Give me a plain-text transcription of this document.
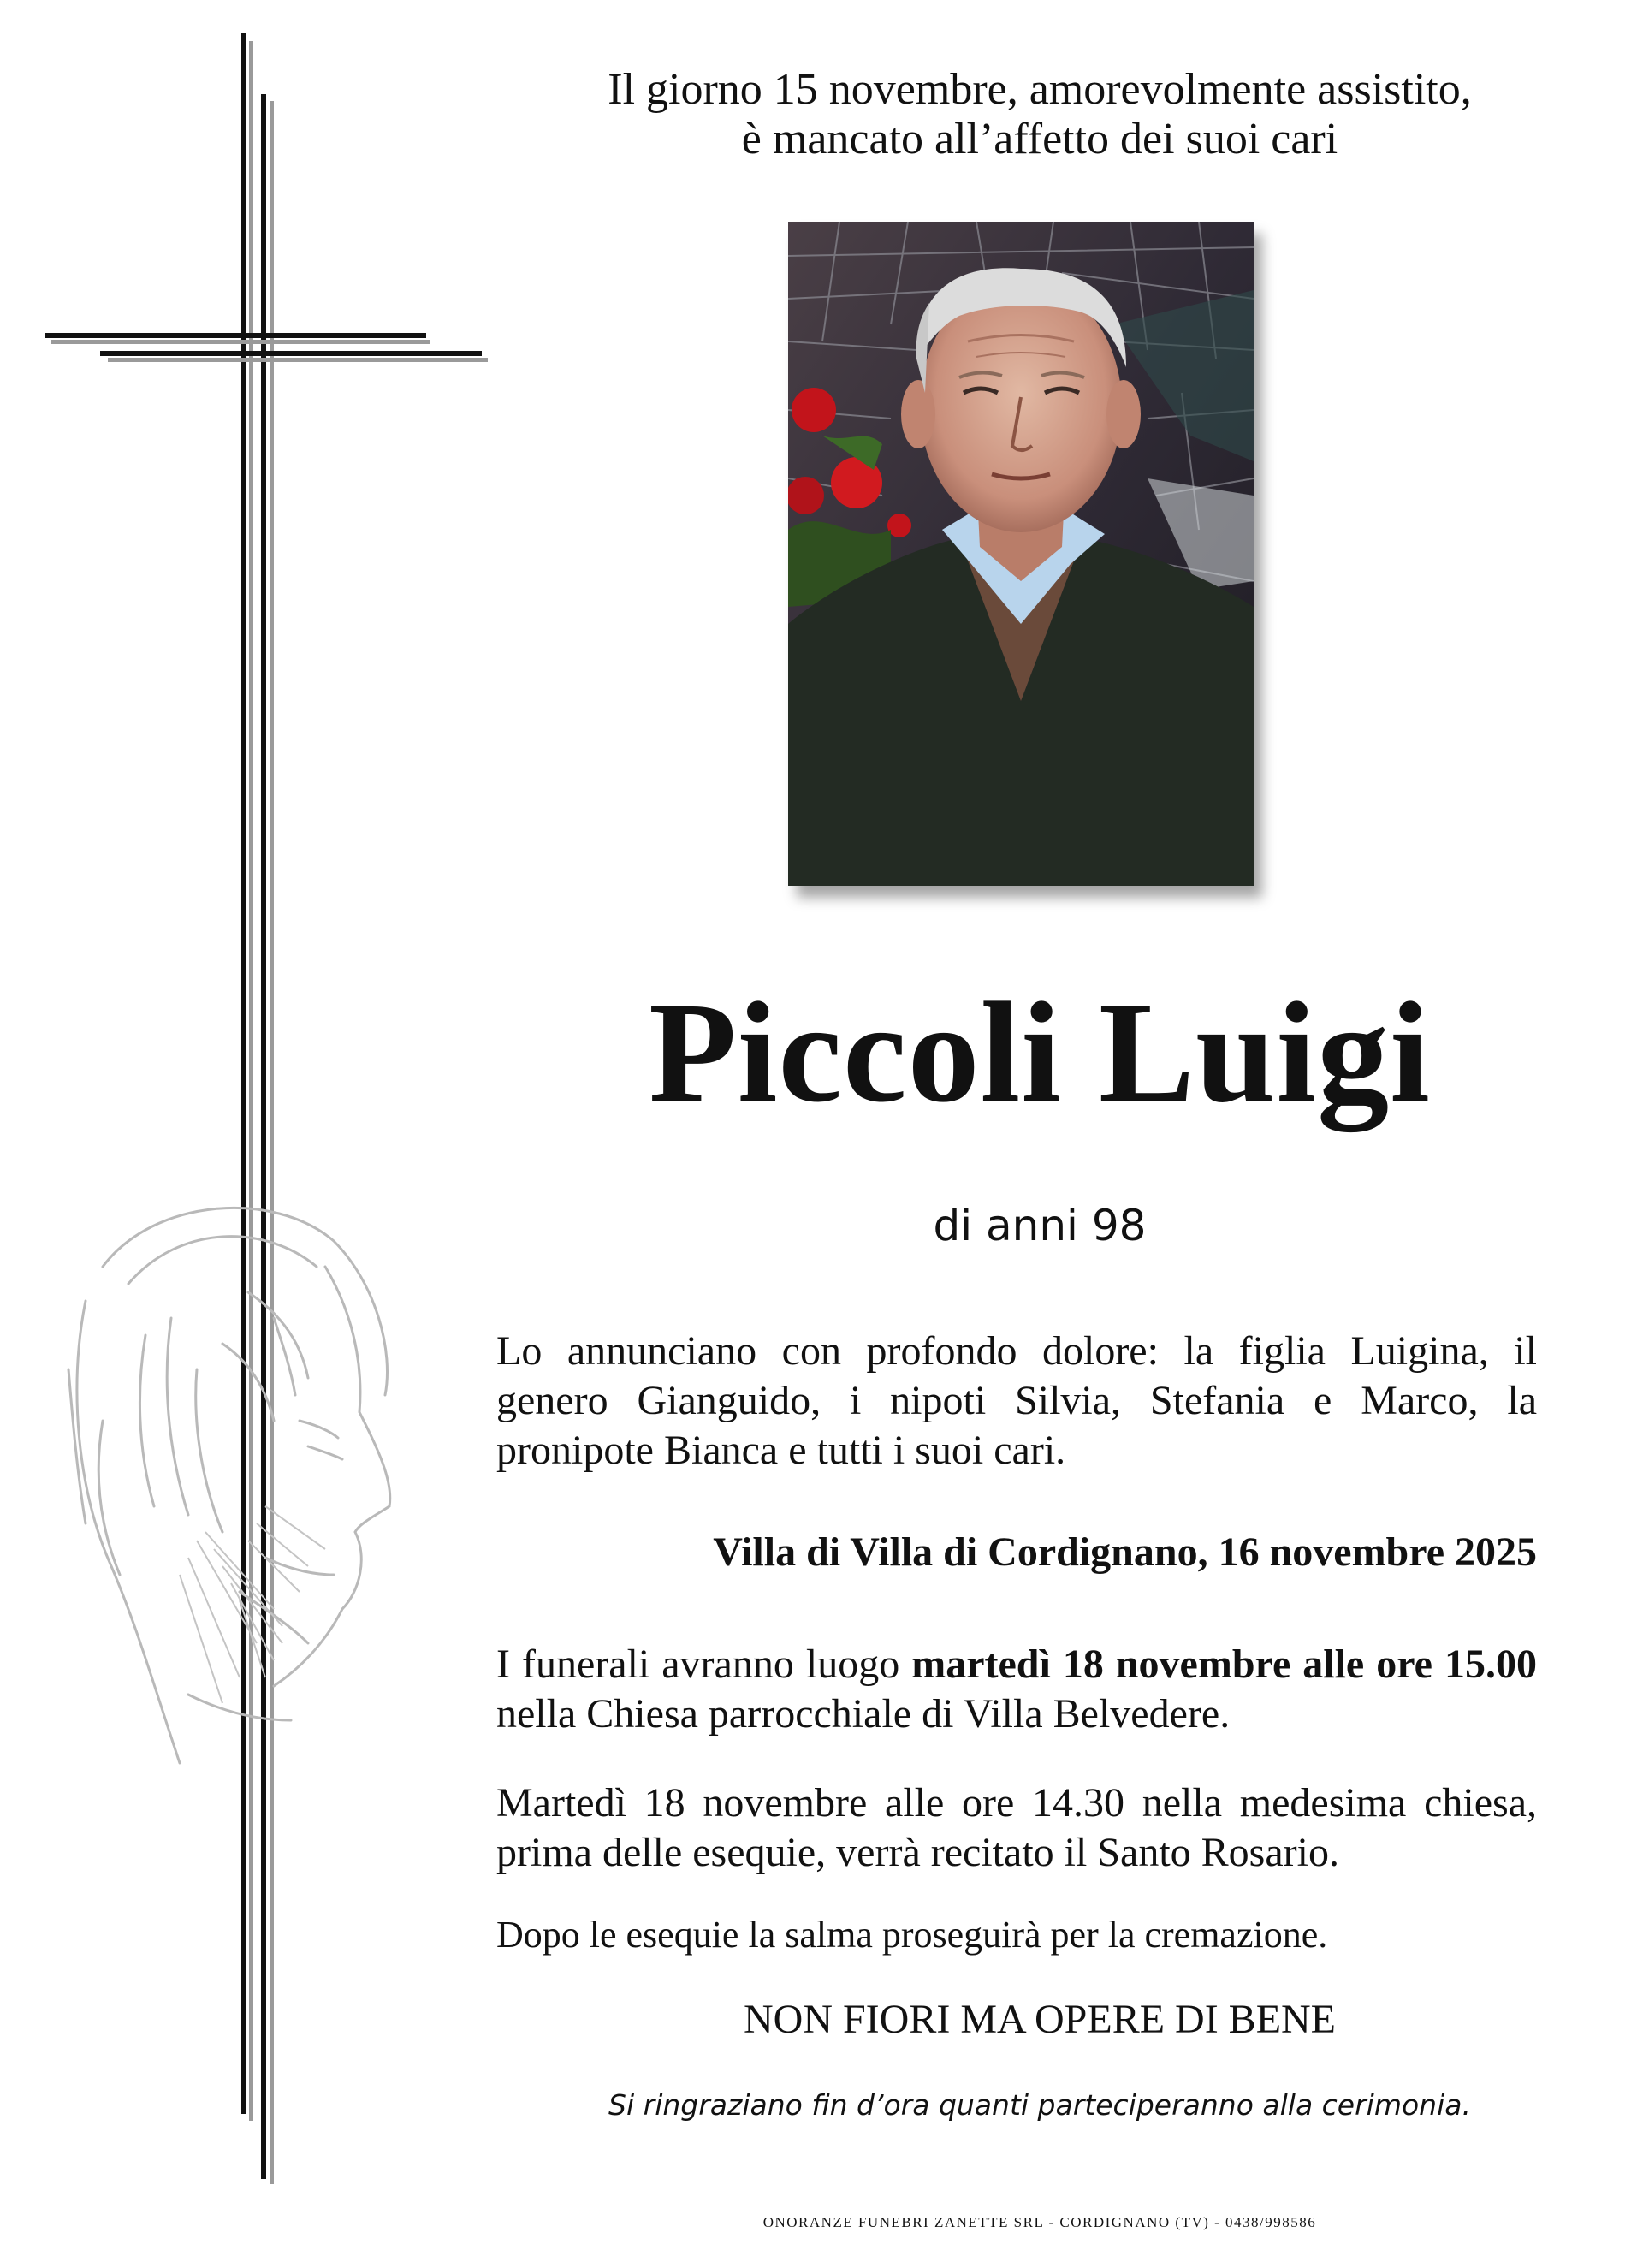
Il giorno 15 novembre, amorevolmente assistito,
è mancato all’affetto dei suoi cari
Piccoli Luigi
di anni 98
Lo annunciano con profondo dolore: la figlia Luigina, il genero Gianguido, i nipoti Silvia, Stefania e Marco, la pronipote Bianca e tutti i suoi cari.
Villa di Villa di Cordignano, 16 novembre 2025
I funerali avranno luogo martedì 18 novembre alle ore 15.00 nella Chiesa parrocchiale di Villa Belvedere.
Martedì 18 novembre alle ore 14.30 nella medesima chiesa, prima delle esequie, verrà recitato il Santo Rosario.
Dopo le esequie la salma proseguirà per la cremazione.
NON FIORI MA OPERE DI BENE
Si ringraziano fin d’ora quanti parteciperanno alla cerimonia.
ONORANZE FUNEBRI ZANETTE SRL - CORDIGNANO (TV) - 0438/998586
